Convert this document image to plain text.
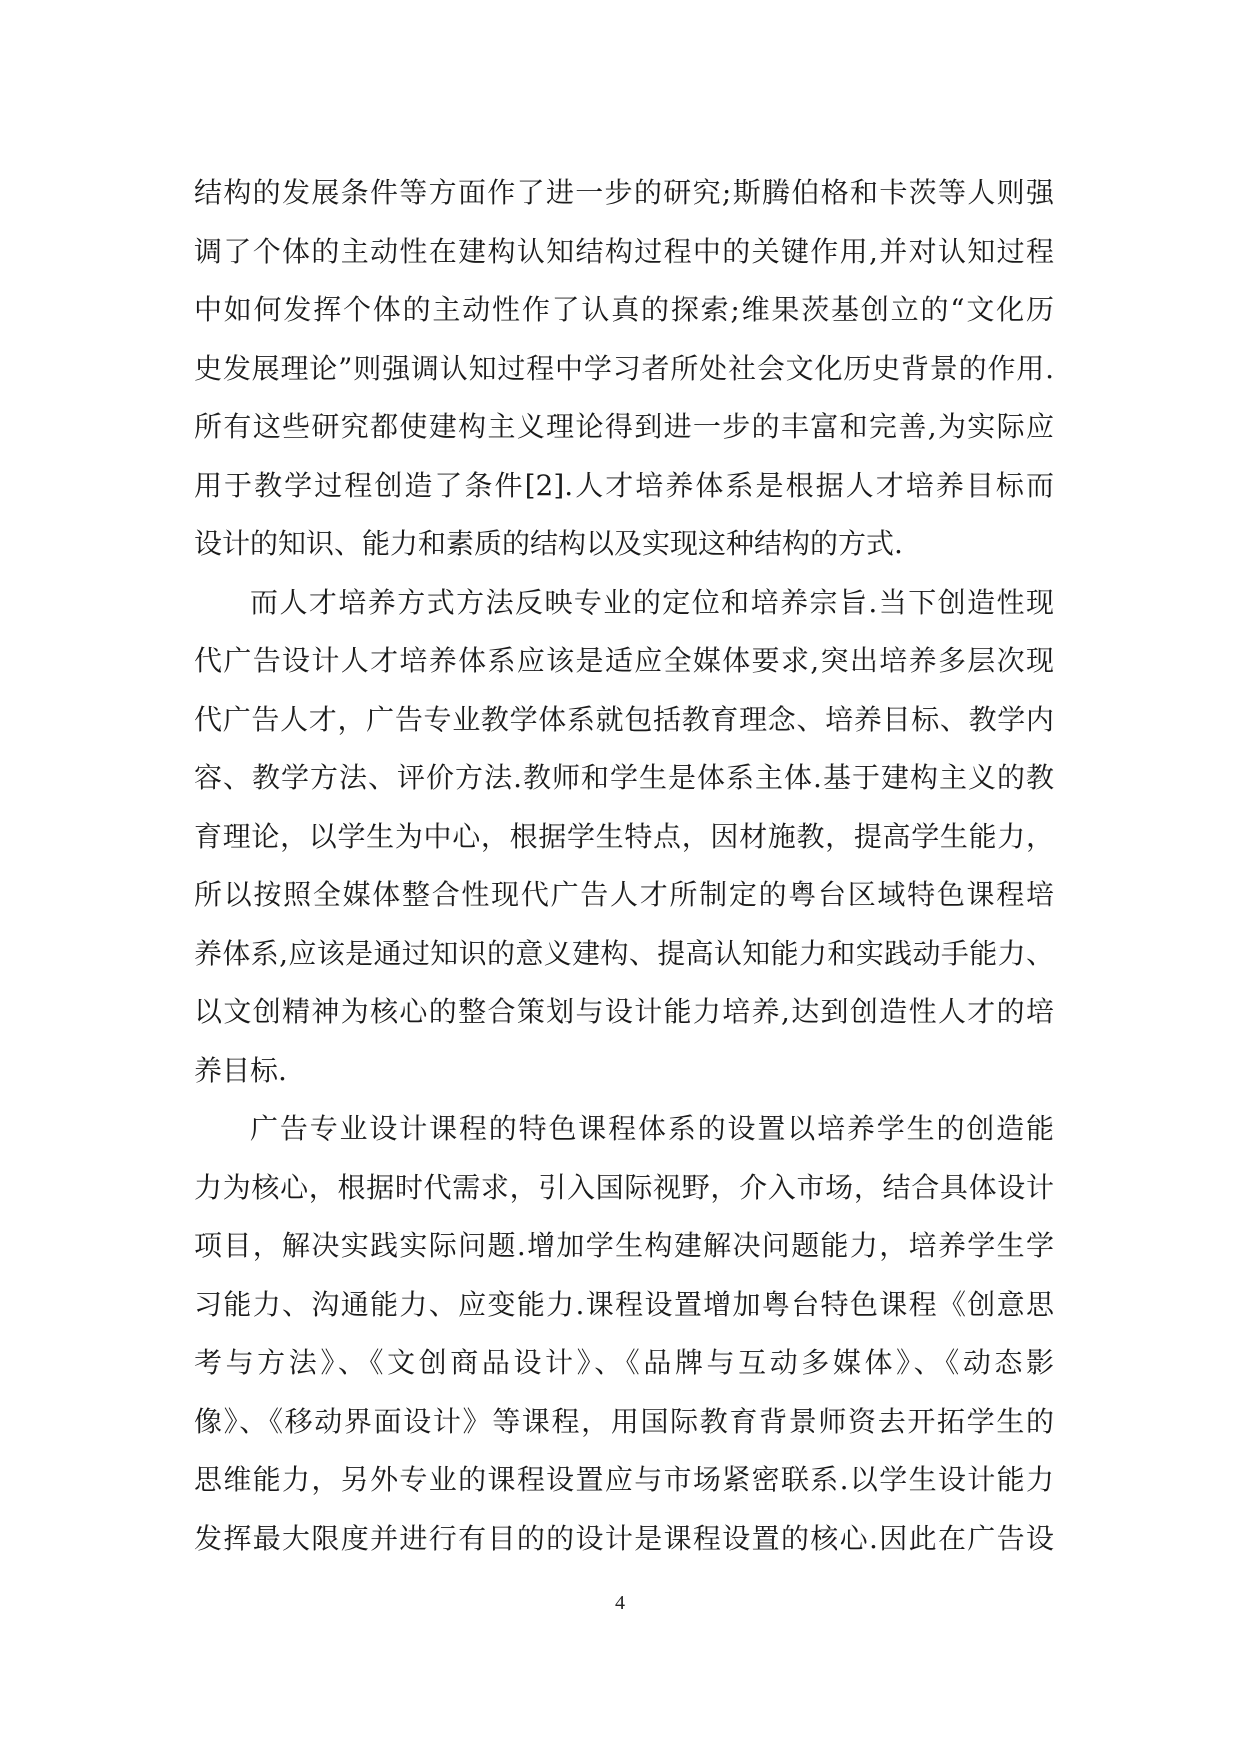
结构的发展条件等方面作了进一步的研究;斯腾伯格和卡茨等人则强
调了个体的主动性在建构认知结构过程中的关键作用,并对认知过程
中如何发挥个体的主动性作了认真的探索;维果茨基创立的“文化历
史发展理论”则强调认知过程中学习者所处社会文化历史背景的作用.
所有这些研究都使建构主义理论得到进一步的丰富和完善,为实际应
用于教学过程创造了条件[2].人才培养体系是根据人才培养目标而
设计的知识、能力和素质的结构以及实现这种结构的方式.
而人才培养方式方法反映专业的定位和培养宗旨.当下创造性现
代广告设计人才培养体系应该是适应全媒体要求,突出培养多层次现
代广告人才，广告专业教学体系就包括教育理念、培养目标、教学内
容、教学方法、评价方法.教师和学生是体系主体.基于建构主义的教
育理论，以学生为中心，根据学生特点，因材施教，提高学生能力，
所以按照全媒体整合性现代广告人才所制定的粤台区域特色课程培
养体系,应该是通过知识的意义建构、提高认知能力和实践动手能力、
以文创精神为核心的整合策划与设计能力培养,达到创造性人才的培
养目标.
广告专业设计课程的特色课程体系的设置以培养学生的创造能
力为核心，根据时代需求，引入国际视野，介入市场，结合具体设计
项目，解决实践实际问题.增加学生构建解决问题能力，培养学生学
习能力、沟通能力、应变能力.课程设置增加粤台特色课程《创意思
考与方法》、《文创商品设计》、《品牌与互动多媒体》、《动态影
像》、《移动界面设计》等课程，用国际教育背景师资去开拓学生的
思维能力，另外专业的课程设置应与市场紧密联系.以学生设计能力
发挥最大限度并进行有目的的设计是课程设置的核心.因此在广告设
4
